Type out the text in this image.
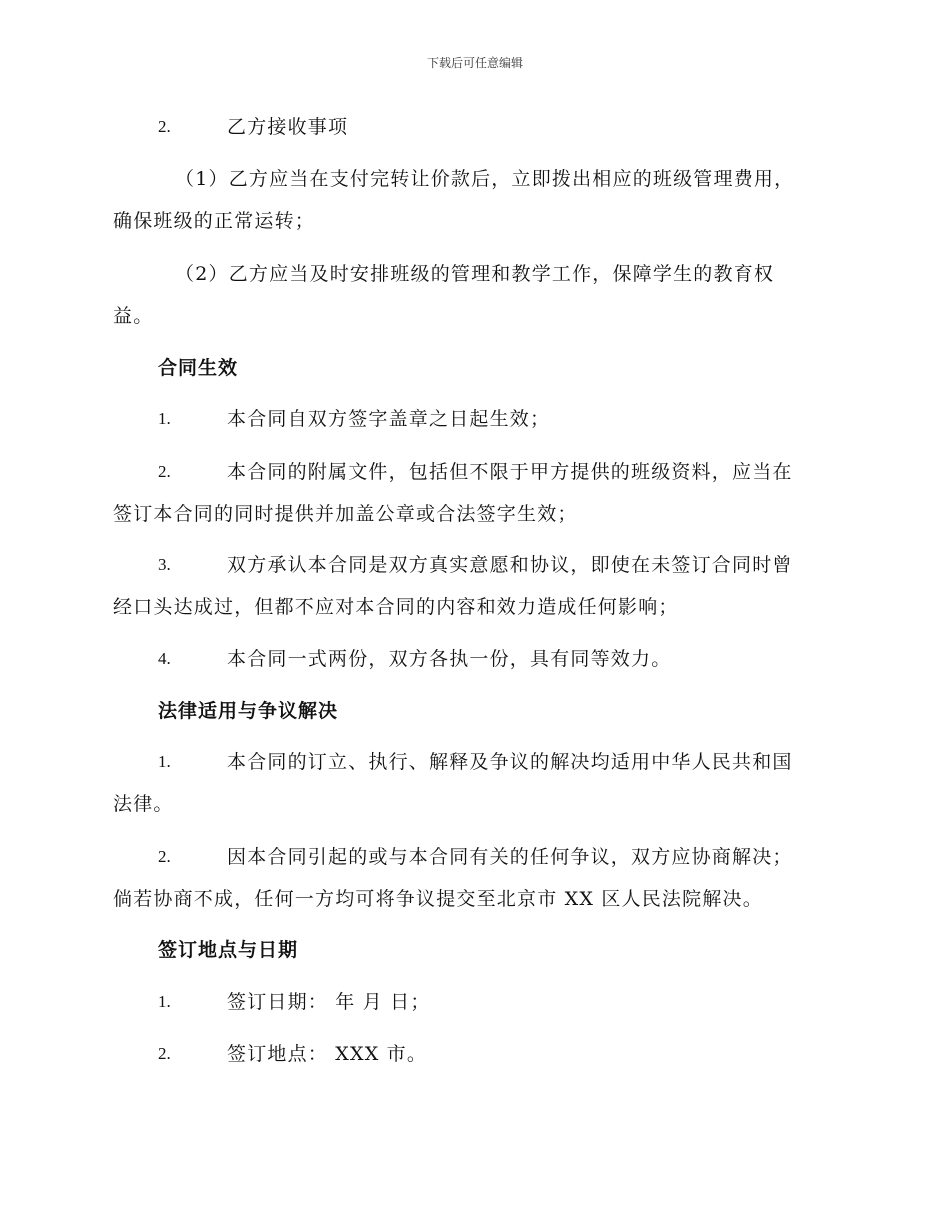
下载后可任意编辑
2.	乙方接收事项
（1）乙方应当在支付完转让价款后，立即拨出相应的班级管理费用，
确保班级的正常运转；
（2）乙方应当及时安排班级的管理和教学工作，保障学生的教育权
益。
合同生效
1.	本合同自双方签字盖章之日起生效；
2.	本合同的附属文件，包括但不限于甲方提供的班级资料，应当在
签订本合同的同时提供并加盖公章或合法签字生效；
3.	双方承认本合同是双方真实意愿和协议，即使在未签订合同时曾
经口头达成过，但都不应对本合同的内容和效力造成任何影响；
4.	本合同一式两份，双方各执一份，具有同等效力。
法律适用与争议解决
1.	本合同的订立、执行、解释及争议的解决均适用中华人民共和国
法律。
2.	因本合同引起的或与本合同有关的任何争议，双方应协商解决；
倘若协商不成，任何一方均可将争议提交至北京市 XX 区人民法院解决。
签订地点与日期
1.	签订日期： 年 月 日；
2.	签订地点： XXX 市。
